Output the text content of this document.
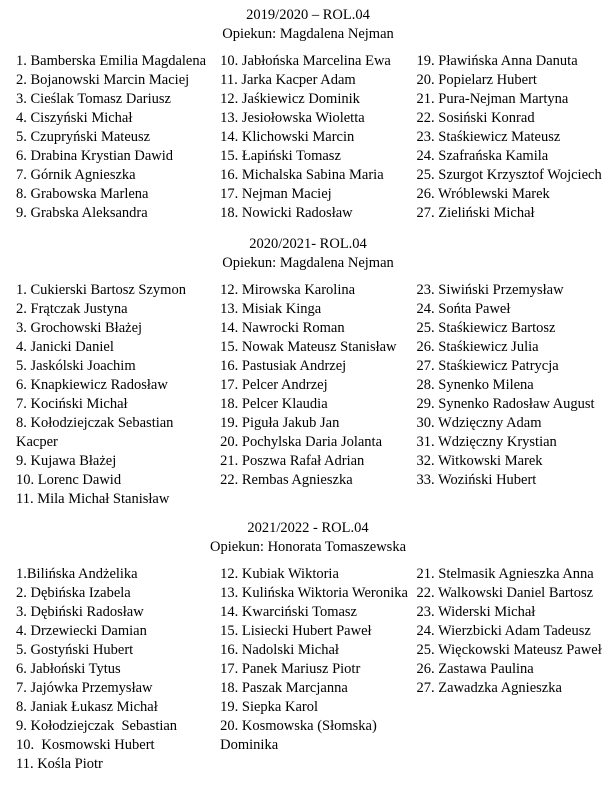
2019/2020 – ROL.04
Opiekun: Magdalena Nejman
1. Bamberska Emilia Magdalena
2. Bojanowski Marcin Maciej
3. Cieślak Tomasz Dariusz
4. Ciszyński Michał
5. Czupryński Mateusz
6. Drabina Krystian Dawid
7. Górnik Agnieszka
8. Grabowska Marlena
9. Grabska Aleksandra
10. Jabłońska Marcelina Ewa
11. Jarka Kacper Adam
12. Jaśkiewicz Dominik
13. Jesiołowska Wioletta
14. Klichowski Marcin
15. Łapiński Tomasz
16. Michalska Sabina Maria
17. Nejman Maciej
18. Nowicki Radosław
19. Pławińska Anna Danuta
20. Popielarz Hubert
21. Pura-Nejman Martyna
22. Sosiński Konrad
23. Staśkiewicz Mateusz
24. Szafrańska Kamila
25. Szurgot Krzysztof Wojciech
26. Wróblewski Marek
27. Zieliński Michał
2020/2021- ROL.04
Opiekun: Magdalena Nejman
1. Cukierski Bartosz Szymon
2. Frątczak Justyna
3. Grochowski Błażej
4. Janicki Daniel
5. Jaskólski Joachim
6. Knapkiewicz Radosław
7. Kociński Michał
8. Kołodziejczak Sebastian Kacper
9. Kujawa Błażej
10. Lorenc Dawid
11. Mila Michał Stanisław
12. Mirowska Karolina
13. Misiak Kinga
14. Nawrocki Roman
15. Nowak Mateusz Stanisław
16. Pastusiak Andrzej
17. Pelcer Andrzej
18. Pelcer Klaudia
19. Piguła Jakub Jan
20. Pochylska Daria Jolanta
21. Poszwa Rafał Adrian
22. Rembas Agnieszka
23. Siwiński Przemysław
24. Sońta Paweł
25. Staśkiewicz Bartosz
26. Staśkiewicz Julia
27. Staśkiewicz Patrycja
28. Synenko Milena
29. Synenko Radosław August
30. Wdzięczny Adam
31. Wdzięczny Krystian
32. Witkowski Marek
33. Woziński Hubert
2021/2022 - ROL.04
Opiekun: Honorata Tomaszewska
1.Bilińska Andżelika
2. Dębińska Izabela
3. Dębiński Radosław
4. Drzewiecki Damian
5. Gostyński Hubert
6. Jabłoński Tytus
7. Jajówka Przemysław
8. Janiak Łukasz Michał
9. Kołodziejczak  Sebastian
10.  Kosmowski Hubert
11. Kośla Piotr
12. Kubiak Wiktoria
13. Kulińska Wiktoria Weronika
14. Kwarciński Tomasz
15. Lisiecki Hubert Paweł
16. Nadolski Michał
17. Panek Mariusz Piotr
18. Paszak Marcjanna
19. Siepka Karol
20. Kosmowska (Słomska) Dominika
21. Stelmasik Agnieszka Anna
22. Walkowski Daniel Bartosz
23. Widerski Michał
24. Wierzbicki Adam Tadeusz
25. Więckowski Mateusz Paweł
26. Zastawa Paulina
27. Zawadzka Agnieszka
